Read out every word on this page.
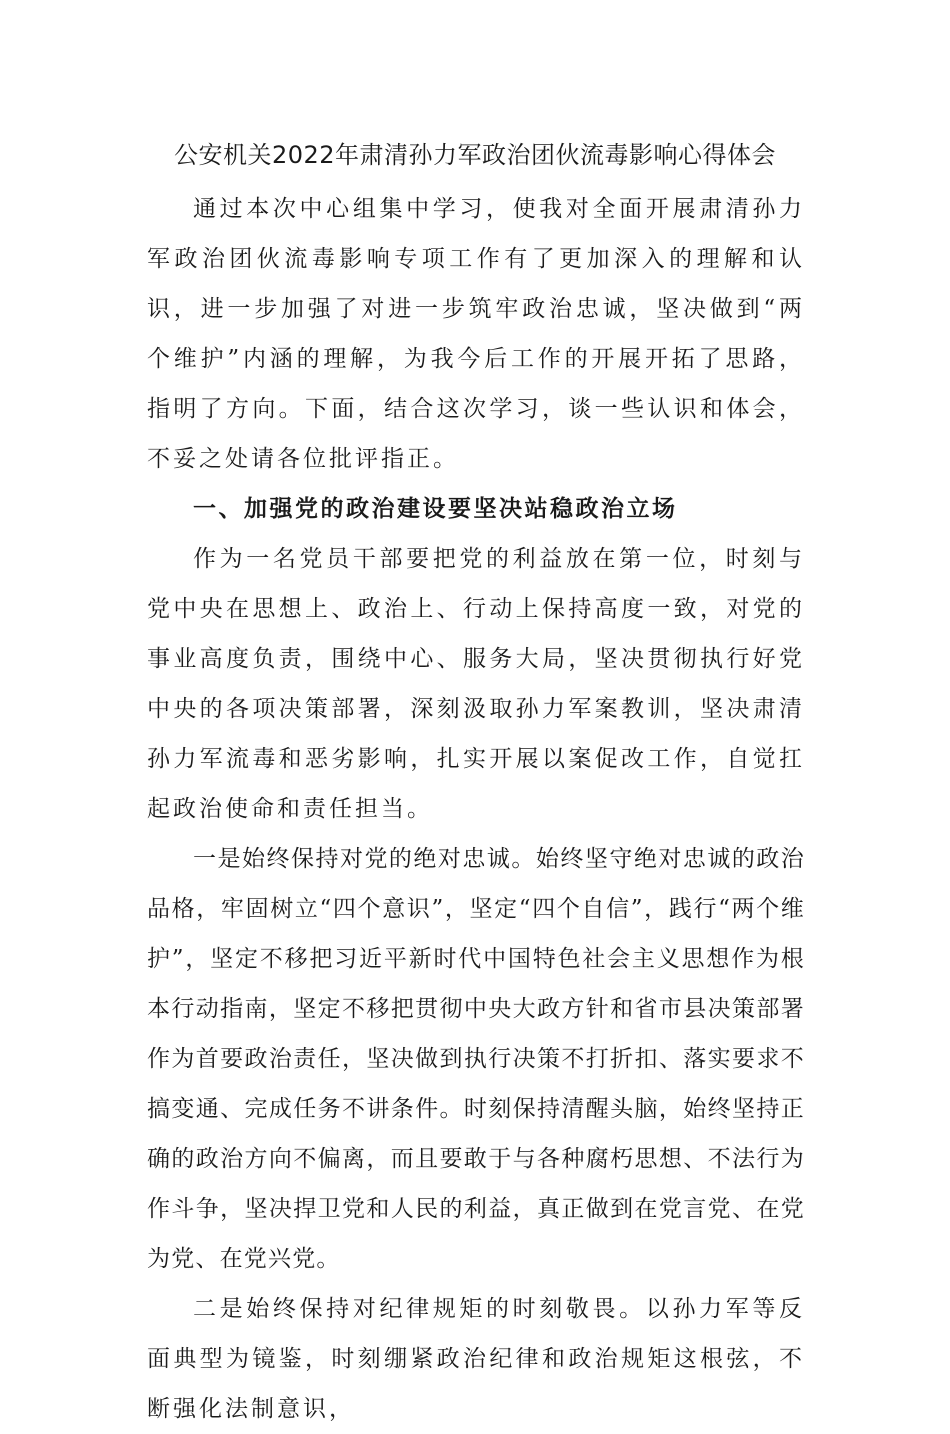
公安机关2022年肃清孙力军政治团伙流毒影响心得体会

通过本次中心组集中学习，使我对全面开展肃清孙力军政治团伙流毒影响专项工作有了更加深入的理解和认识，进一步加强了对进一步筑牢政治忠诚，坚决做到“两个维护”内涵的理解，为我今后工作的开展开拓了思路，指明了方向。下面，结合这次学习，谈一些认识和体会，不妥之处请各位批评指正。

一、加强党的政治建设要坚决站稳政治立场

作为一名党员干部要把党的利益放在第一位，时刻与党中央在思想上、政治上、行动上保持高度一致，对党的事业高度负责，围绕中心、服务大局，坚决贯彻执行好党中央的各项决策部署，深刻汲取孙力军案教训，坚决肃清孙力军流毒和恶劣影响，扎实开展以案促改工作，自觉扛起政治使命和责任担当。

一是始终保持对党的绝对忠诚。始终坚守绝对忠诚的政治品格，牢固树立“四个意识”，坚定“四个自信”，践行“两个维护”，坚定不移把习近平新时代中国特色社会主义思想作为根本行动指南，坚定不移把贯彻中央大政方针和省市县决策部署作为首要政治责任，坚决做到执行决策不打折扣、落实要求不搞变通、完成任务不讲条件。时刻保持清醒头脑，始终坚持正确的政治方向不偏离，而且要敢于与各种腐朽思想、不法行为作斗争，坚决捍卫党和人民的利益，真正做到在党言党、在党为党、在党兴党。

二是始终保持对纪律规矩的时刻敬畏。以孙力军等反面典型为镜鉴，时刻绷紧政治纪律和政治规矩这根弦，不断强化法制意识，
